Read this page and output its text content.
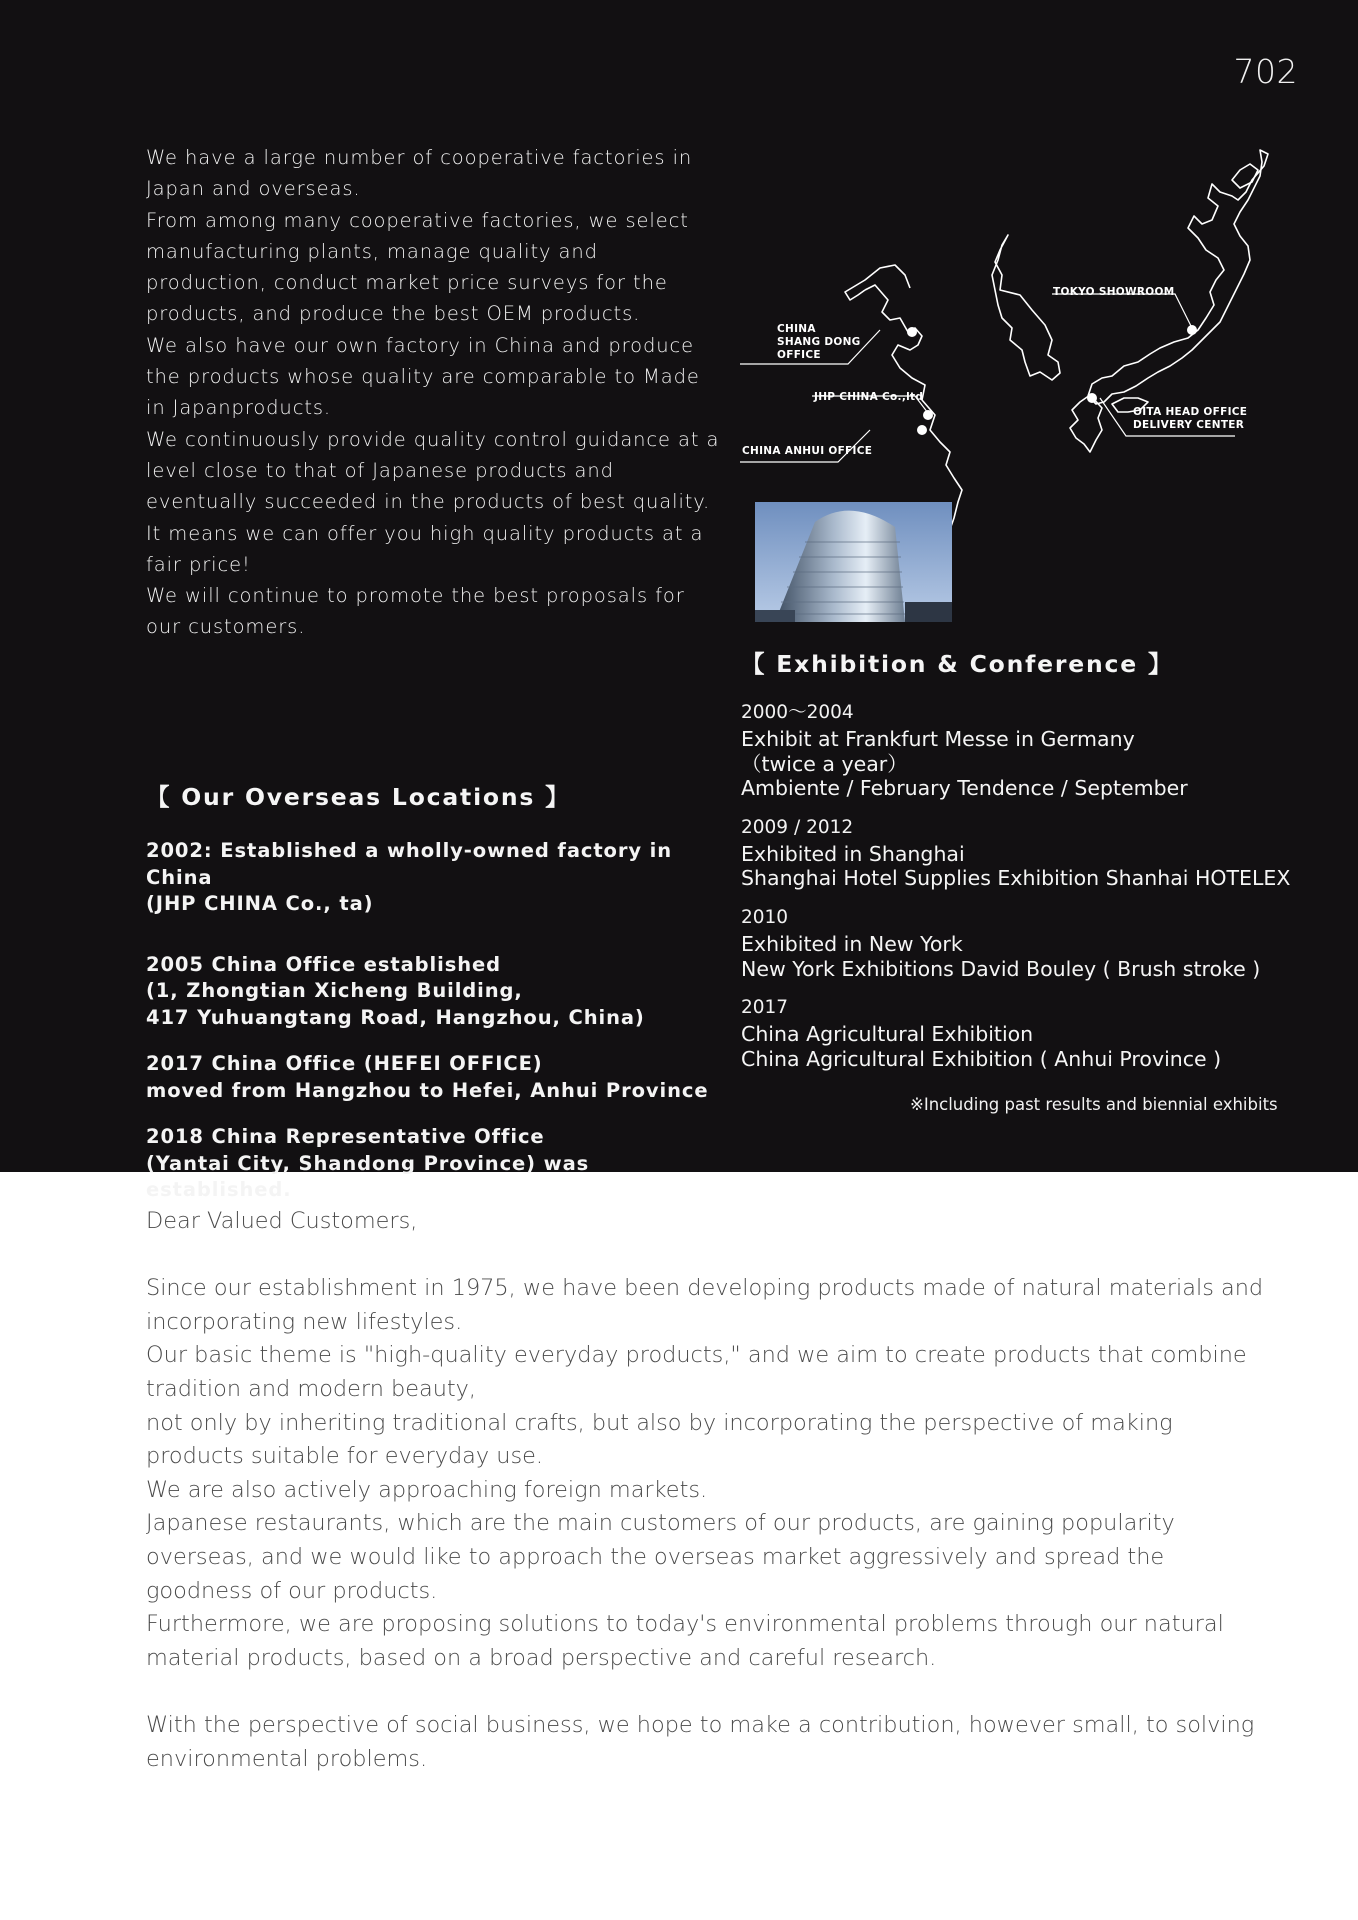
702

We have a large number of cooperative factories in Japan and overseas.

From among many cooperative factories, we select manufacturing plants, manage quality and production, conduct market price surveys for the products, and produce the best OEM products.

We also have our own factory in China and produce the products whose quality are comparable to Made in Japanproducts.

We continuously provide quality control guidance at a level close to that of Japanese products and

eventually succeeded in the products of best quality.

It means we can offer you high quality products at a fair price!

We will continue to promote the best proposals for our customers.

TOKYO SHOWROOM
CHINA
SHANG DONG
OFFICE
JHP CHINA Co.,ltd
CHINA ANHUI OFFICE
OITA HEAD OFFICE
DELIVERY CENTER

【 Our Overseas Locations 】

2002: Established a wholly-owned factory in China
(JHP CHINA Co., ta)

2005 China Office established
(1, Zhongtian Xicheng Building,
417 Yuhuangtang Road, Hangzhou, China)

2017 China Office (HEFEI OFFICE)
moved from Hangzhou to Hefei, Anhui Province

2018 China Representative Office
(Yantai City, Shandong Province) was established.

【 Exhibition & Conference 】

2000〜2004
Exhibit at Frankfurt Messe in Germany
（twice a year）
Ambiente / February Tendence / September
2009 / 2012
Exhibited in Shanghai
Shanghai Hotel Supplies Exhibition Shanhai HOTELEX
2010
Exhibited in New York
New York Exhibitions David Bouley ( Brush stroke )
2017
China Agricultural Exhibition
China Agricultural Exhibition ( Anhui Province )
※Including past results and biennial exhibits

Dear Valued Customers,

Since our establishment in 1975, we have been developing products made of natural materials and incorporating new lifestyles.

Our basic theme is "high-quality everyday products," and we aim to create products that combine tradition and modern beauty,

not only by inheriting traditional crafts, but also by incorporating the perspective of making products suitable for everyday use.

We are also actively approaching foreign markets.

Japanese restaurants, which are the main customers of our products, are gaining popularity overseas, and we would like to approach the overseas market aggressively and spread the goodness of our products.

Furthermore, we are proposing solutions to today's environmental problems through our natural material products, based on a broad perspective and careful research.

With the perspective of social business, we hope to make a contribution, however small, to solving environmental problems.
